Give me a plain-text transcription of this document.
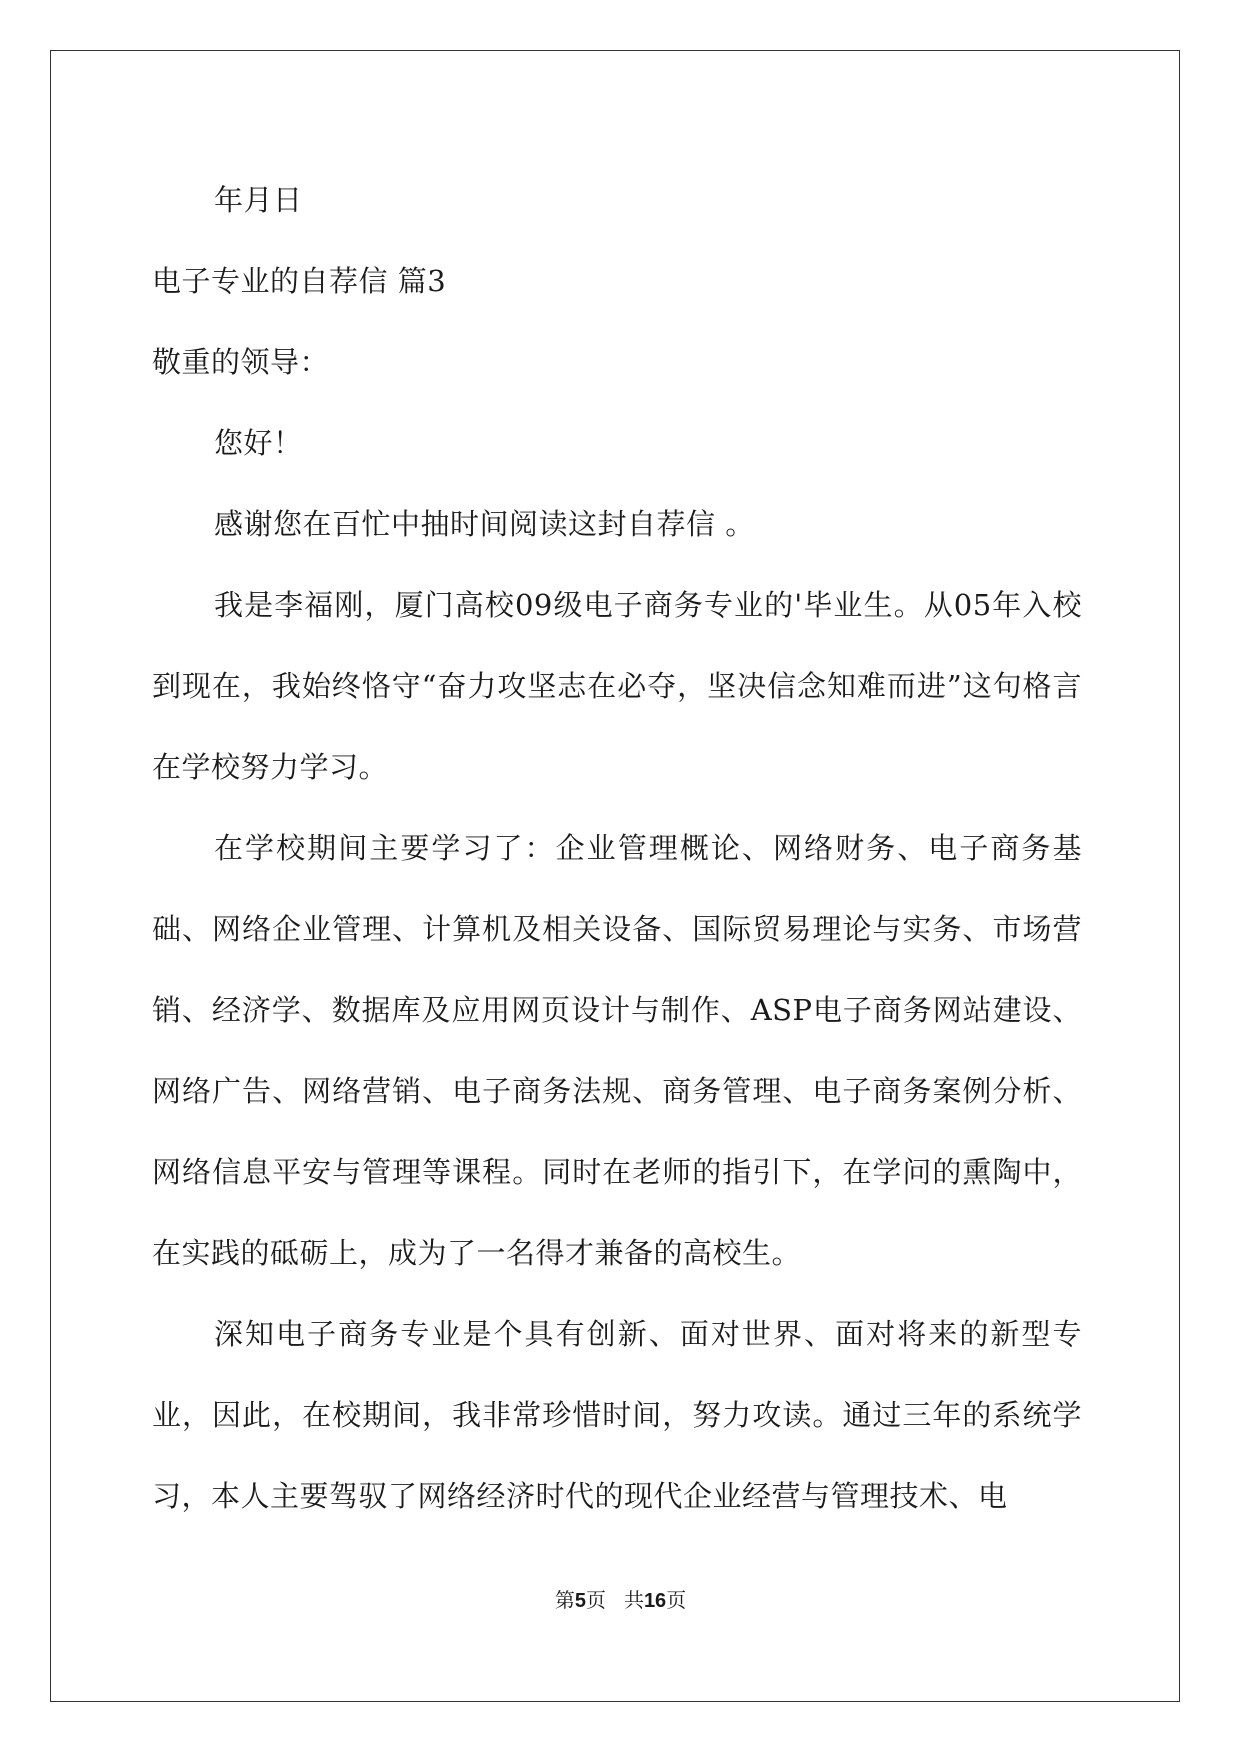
年月日
电子专业的自荐信 篇3
敬重的领导：
您好！
感谢您在百忙中抽时间阅读这封自荐信 。
我是李福刚，厦门高校09级电子商务专业的'毕业生。从05年入校到现在，我始终恪守“奋力攻坚志在必夺，坚决信念知难而进”这句格言在学校努力学习。
在学校期间主要学习了：企业管理概论、网络财务、电子商务基础、网络企业管理、计算机及相关设备、国际贸易理论与实务、市场营销、经济学、数据库及应用网页设计与制作、ASP电子商务网站建设、网络广告、网络营销、电子商务法规、商务管理、电子商务案例分析、网络信息平安与管理等课程。同时在老师的指引下，在学问的熏陶中，在实践的砥砺上，成为了一名得才兼备的高校生。
深知电子商务专业是个具有创新、面对世界、面对将来的新型专业，因此，在校期间，我非常珍惜时间，努力攻读。通过三年的系统学习，本人主要驾驭了网络经济时代的现代企业经营与管理技术、电
第5页 共16页
